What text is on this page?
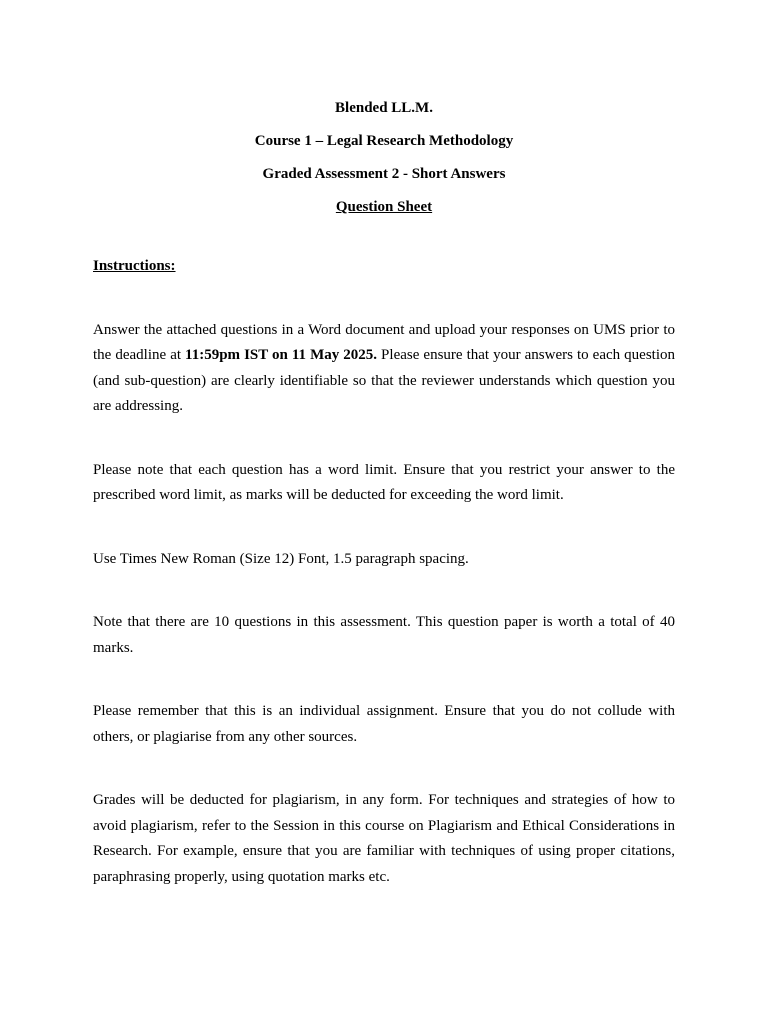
Blended LL.M.
Course 1 – Legal Research Methodology
Graded Assessment 2 - Short Answers
Question Sheet

Instructions:

Answer the attached questions in a Word document and upload your responses on UMS prior to the deadline at 11:59pm IST on 11 May 2025. Please ensure that your answers to each question (and sub-question) are clearly identifiable so that the reviewer understands which question you are addressing.

Please note that each question has a word limit. Ensure that you restrict your answer to the prescribed word limit, as marks will be deducted for exceeding the word limit.

Use Times New Roman (Size 12) Font, 1.5 paragraph spacing.

Note that there are 10 questions in this assessment. This question paper is worth a total of 40 marks.

Please remember that this is an individual assignment. Ensure that you do not collude with others, or plagiarise from any other sources.

Grades will be deducted for plagiarism, in any form. For techniques and strategies of how to avoid plagiarism, refer to the Session in this course on Plagiarism and Ethical Considerations in Research. For example, ensure that you are familiar with techniques of using proper citations, paraphrasing properly, using quotation marks etc.
